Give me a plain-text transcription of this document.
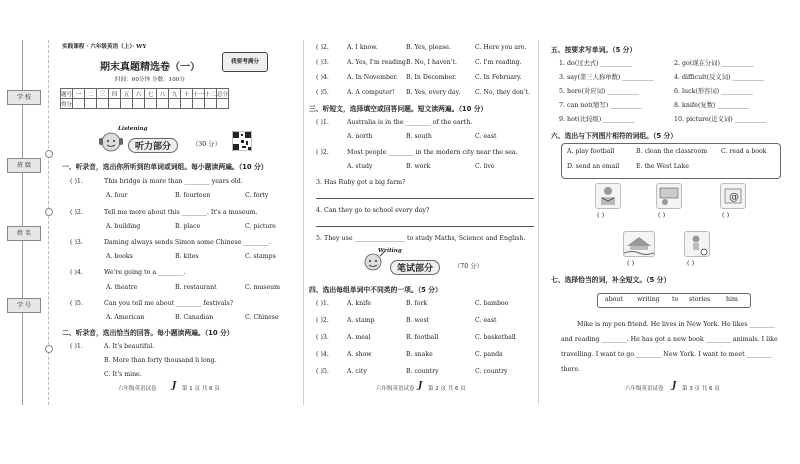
学 校
班 级
姓 名
学 号
实践课程 · 六年级英语（上）· WY
期末真题精选卷（一）	我要考满分
时间：60分钟 分数：100分
题号	一	二	三	四	五	六	七	八	九	十	十一	十二	总分
得分													
Listening
听力部分	（30 分）
一、听录音，选出你所听到的单词或词组。每小题读两遍。（10 分）
( )1.	This bridge is more than ________ years old.
A. four	B. fourteen	C. forty
( )2.	Tell me more about this ________. It's a museum.
A. building	B. place	C. picture
( )3.	Daming always sends Simon some Chinese ________.
A. books	B. kites	C. stamps
( )4.	We're going to a ________.
A. theatre	B. restaurant	C. museum
( )5.	Can you tell me about ________ festivals?
A. American	B. Canadian	C. Chinese
二、听录音，选出恰当的回答。每小题读两遍。（10 分）
( )1.	A. It's beautiful.
B. More than forty thousand li long.
C. It's mine.
六年级英语试卷 𝑱 第 1 页 共 6 页
( )2.	A. I know.	B. Yes, please.	C. Here you are.
( )3.	A. Yes, I'm reading.
B. No, I haven't.	C. I'm reading.
( )4.	A. In November. B. In December.	C. In February.
( )5.	A. A computer! B. Yes, every day. C. No, they don't.
三、听短文，选择填空或回答问题。短文读两遍。（10 分）
( )1.	Australia is in the ________ of the earth.
A. north	B. south	C. east
( )2.	Most people ________ in the modern city near the sea.
A. study	B. work	C. live
3. Has Ruby got a big farm?
4. Can they go to school every day?
5. They use ________________ to study Maths, Science and English.
Writing
笔试部分	（70 分）
四、选出每组单词中不同类的一项。（5 分）
( )1.	A. knife	B. fork	C. bamboo
( )2.	A. stamp	B. west	C. east
( )3.	A. meal	B. football	C. basketball
( )4.	A. show	B. snake	C. panda
( )5.	A. city	B. country	C. country
六年级英语试卷 𝑱 第 2 页 共 6 页
五、按要求写单词。（5 分）
1. do(过去式) __________	2. go(现在分词) __________
3. say(第三人称单数) __________	4. difficult(反义词) __________
5. here(对应词) __________	6. luck(形容词) __________
7. can not(缩写) __________	8. knife(复数) __________
9. hot(比较级) __________	10. picture(近义词) __________
六、选出与下列图片相符的词组。（5 分）
A. play football	B. clean the classroom C. read a book
D. send an email	E. the West Lake
@
( )	( )	( )
( )	( )
七、选择恰当的词，补全短文。（5 分）
about writing to stories	him
Mike is my pen friend. He lives in New York. He likes ________
and reading ________. He has got a new book ________ animals. I like
travelling. I want to go ________ New York. I want to meet ________
there.
六年级英语试卷 𝑱 第 3 页 共 6 页
